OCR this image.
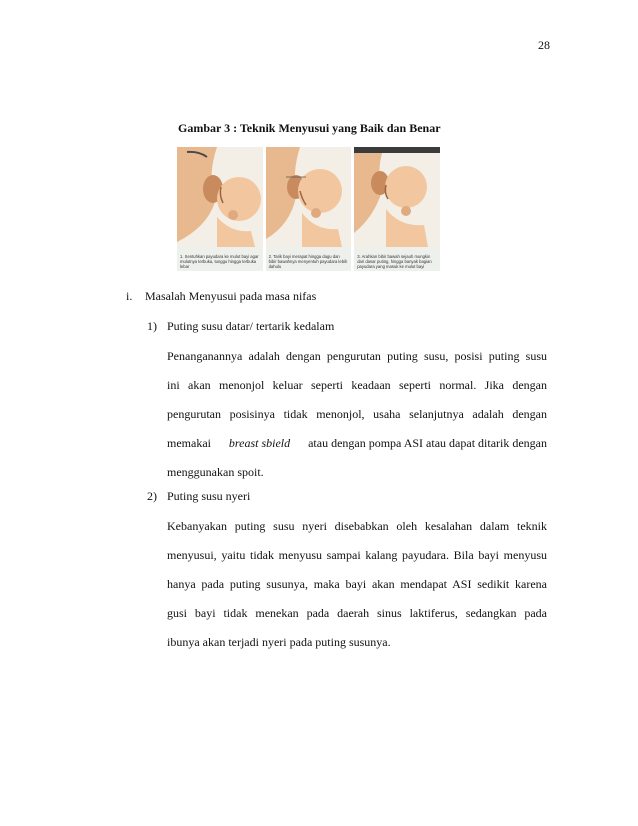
28
Gambar 3 : Teknik Menyusui yang Baik dan Benar
1. Sentuhkan payudara ke mulut bayi agar mulutnya terbuka, tunggu hingga terbuka lebar
2. Tarik bayi merapat hingga dagu dan bibir bawahnya menyentuh payudara lebih dahulu
3. Arahkan bibir bawah sejauh mungkin dari dasar puting, hingga banyak bagian payudara yang masuk ke mulut bayi
i. Masalah Menyusui pada masa nifas
1) Puting susu datar/ tertarik kedalam
Penanganannya adalah dengan pengurutan puting susu, posisi puting susu
ini akan menonjol keluar seperti keadaan seperti normal. Jika dengan
pengurutan posisinya tidak menonjol, usaha selanjutnya adalah dengan
memakai breast sbield atau dengan pompa ASI atau dapat ditarik dengan
menggunakan spoit.
2) Puting susu nyeri
Kebanyakan puting susu nyeri disebabkan oleh kesalahan dalam teknik
menyusui, yaitu tidak menyusu sampai kalang payudara. Bila bayi menyusu
hanya pada puting susunya, maka bayi akan mendapat ASI sedikit karena
gusi bayi tidak menekan pada daerah sinus laktiferus, sedangkan pada
ibunya akan terjadi nyeri pada puting susunya.
